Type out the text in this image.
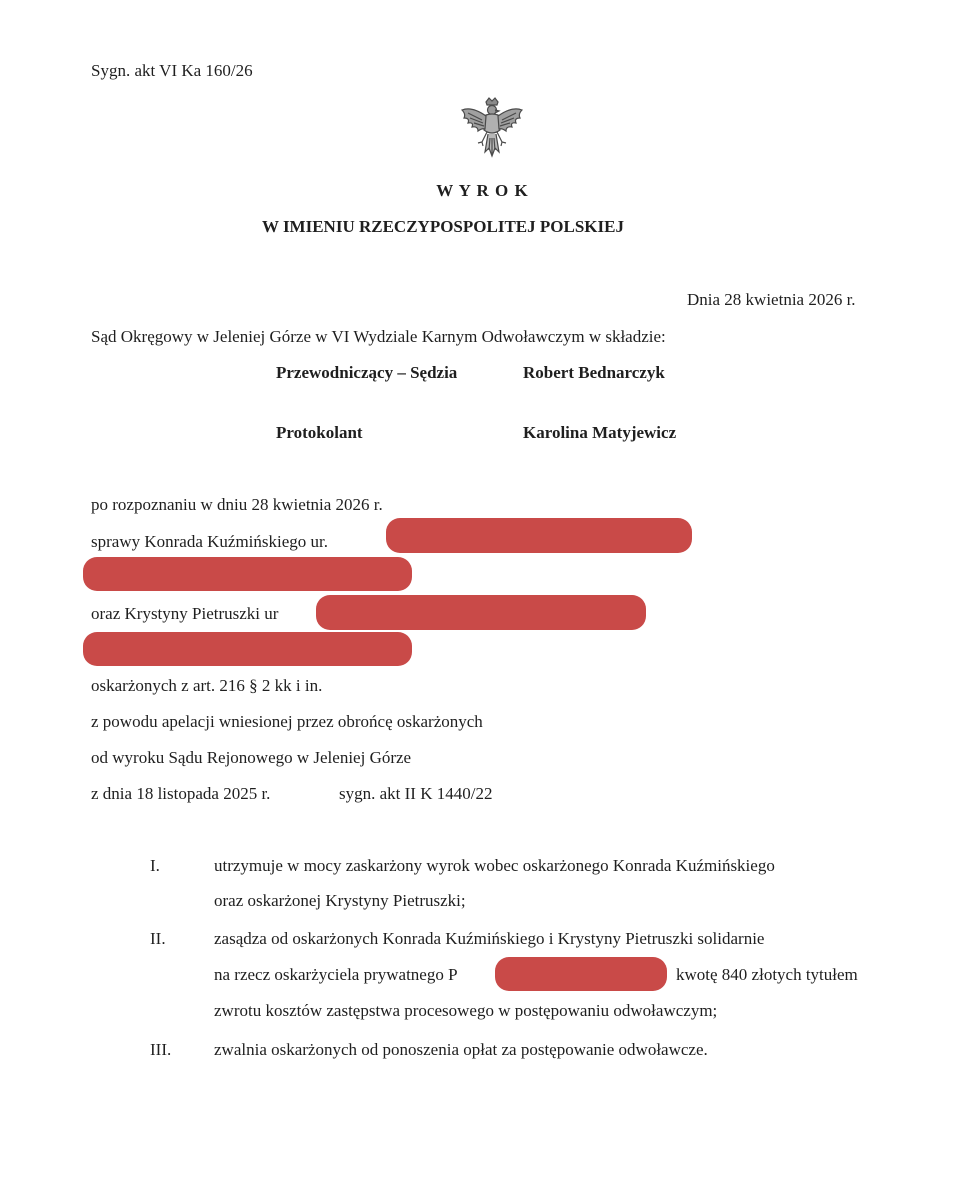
Sygn. akt VI Ka 160/26
W Y R O K
W IMIENIU RZECZYPOSPOLITEJ POLSKIEJ
Dnia 28 kwietnia 2026 r.
Sąd Okręgowy w Jeleniej Górze w VI Wydziale Karnym Odwoławczym w składzie:
Przewodniczący – Sędzia	Robert Bednarczyk
Protokolant	Karolina Matyjewicz
po rozpoznaniu w dniu 28 kwietnia 2026 r.
sprawy Konrada Kuźmińskiego ur.
oraz Krystyny Pietruszki ur
oskarżonych z art. 216 § 2 kk i in.
z powodu apelacji wniesionej przez obrońcę oskarżonych
od wyroku Sądu Rejonowego w Jeleniej Górze
z dnia 18 listopada 2025 r.	sygn. akt II K 1440/22
I.	utrzymuje w mocy zaskarżony wyrok wobec oskarżonego Konrada Kuźmińskiego
oraz oskarżonej Krystyny Pietruszki;
II.	zasądza od oskarżonych Konrada Kuźmińskiego i Krystyny Pietruszki solidarnie
na rzecz oskarżyciela prywatnego P	kwotę 840 złotych tytułem
zwrotu kosztów zastępstwa procesowego w postępowaniu odwoławczym;
III.	zwalnia oskarżonych od ponoszenia opłat za postępowanie odwoławcze.
